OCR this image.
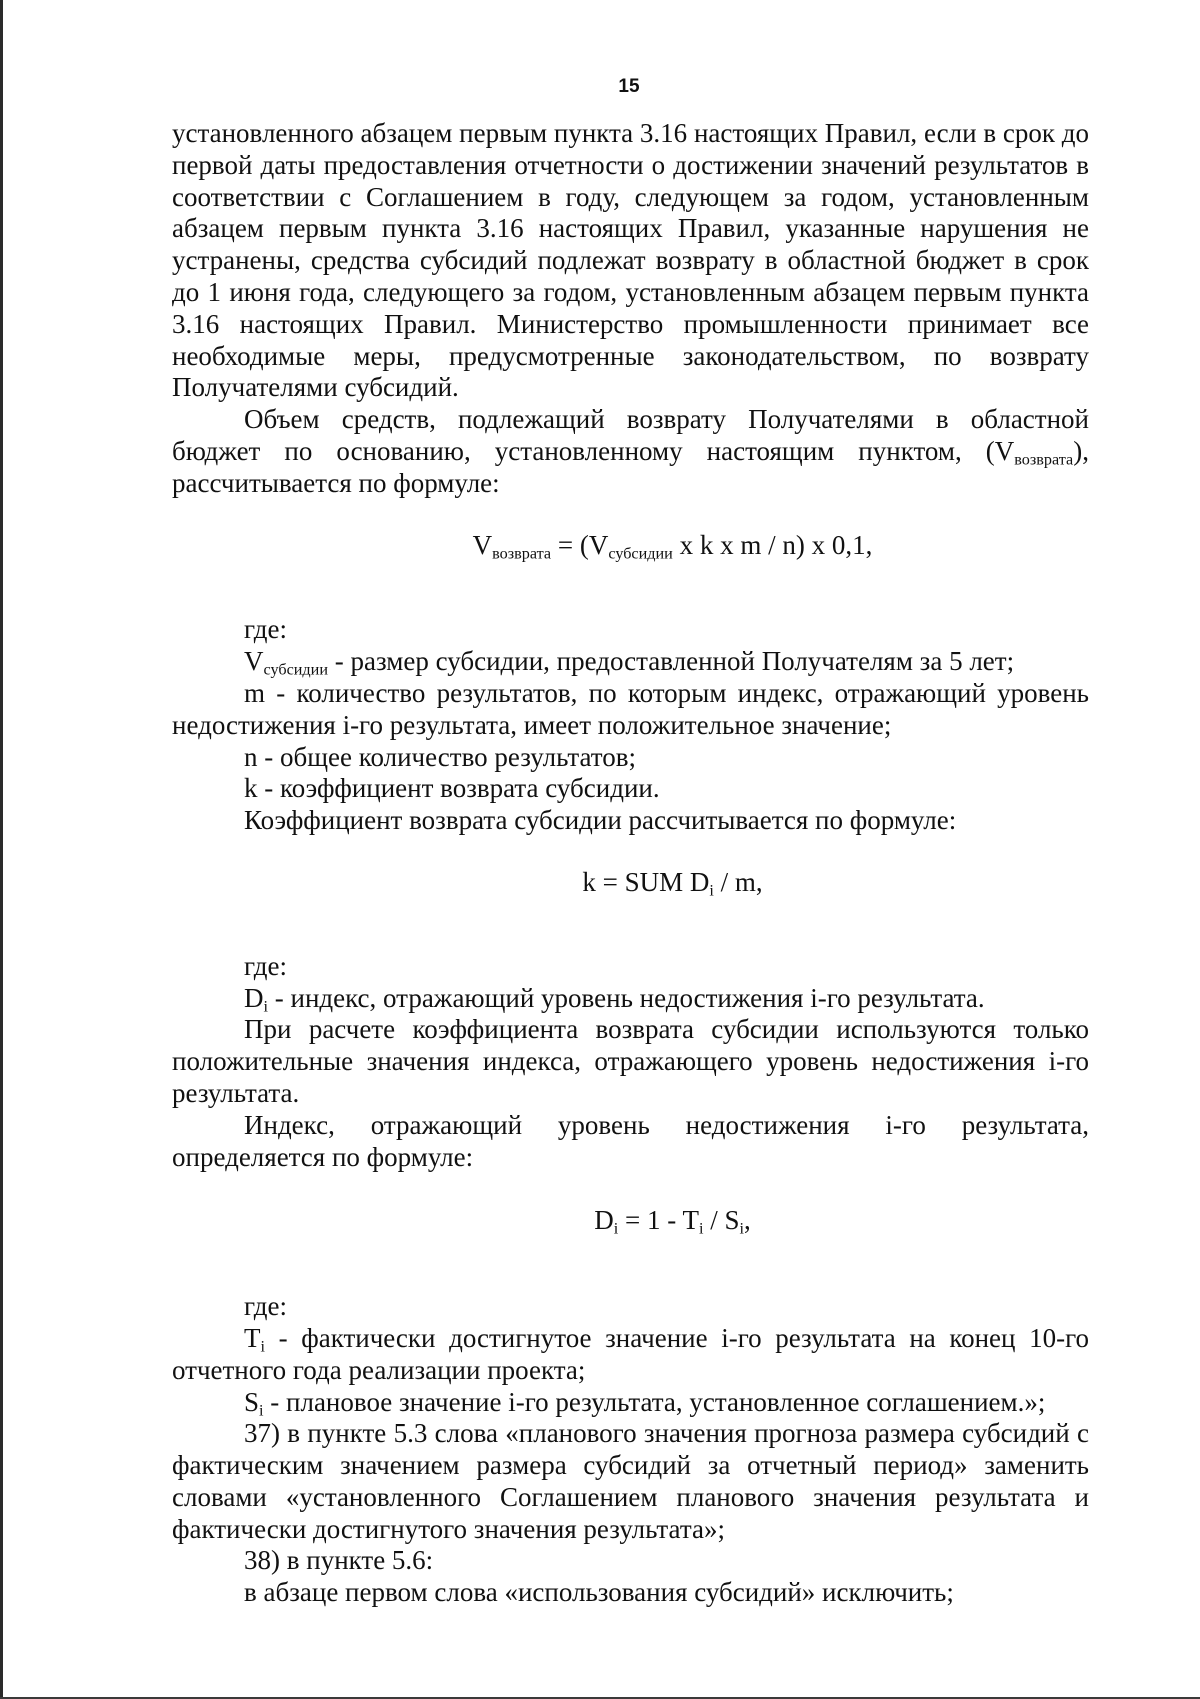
15

установленного абзацем первым пункта 3.16 настоящих Правил, если в срок до первой даты предоставления отчетности о достижении значений результатов в соответствии с Соглашением в году, следующем за годом, установленным абзацем первым пункта 3.16 настоящих Правил, указанные нарушения не устранены, средства субсидий подлежат возврату в областной бюджет в срок до 1 июня года, следующего за годом, установленным абзацем первым пункта 3.16 настоящих Правил. Министерство промышленности принимает все необходимые меры, предусмотренные законодательством, по возврату Получателями субсидий.

Объем средств, подлежащий возврату Получателями в областной бюджет по основанию, установленному настоящим пунктом, $(V_{возврата})$, рассчитывается по формуле:

$V_{возврата} = (V_{субсидии}$ x k x m / n) x 0,1,

где:

$V_{субсидии}$ - размер субсидии, предоставленной Получателям за 5 лет;

m - количество результатов, по которым индекс, отражающий уровень недостижения i-го результата, имеет положительное значение;

n - общее количество результатов;

k - коэффициент возврата субсидии.

Коэффициент возврата субсидии рассчитывается по формуле:

k = SUM $D_i$ / m,

где:

$D_i$ - индекс, отражающий уровень недостижения i-го результата.

При расчете коэффициента возврата субсидии используются только положительные значения индекса, отражающего уровень недостижения i-го результата.

Индекс, отражающий уровень недостижения i-го результата, определяется по формуле:

$D_i = 1 - T_i / S_i$,

где:

$T_i$ - фактически достигнутое значение i-го результата на конец 10-го отчетного года реализации проекта;

$S_i$ - плановое значение i-го результата, установленное соглашением.»;

37) в пункте 5.3 слова «планового значения прогноза размера субсидий с фактическим значением размера субсидий за отчетный период» заменить словами «установленного Соглашением планового значения результата и фактически достигнутого значения результата»;

38) в пункте 5.6:

в абзаце первом слова «использования субсидий» исключить;
